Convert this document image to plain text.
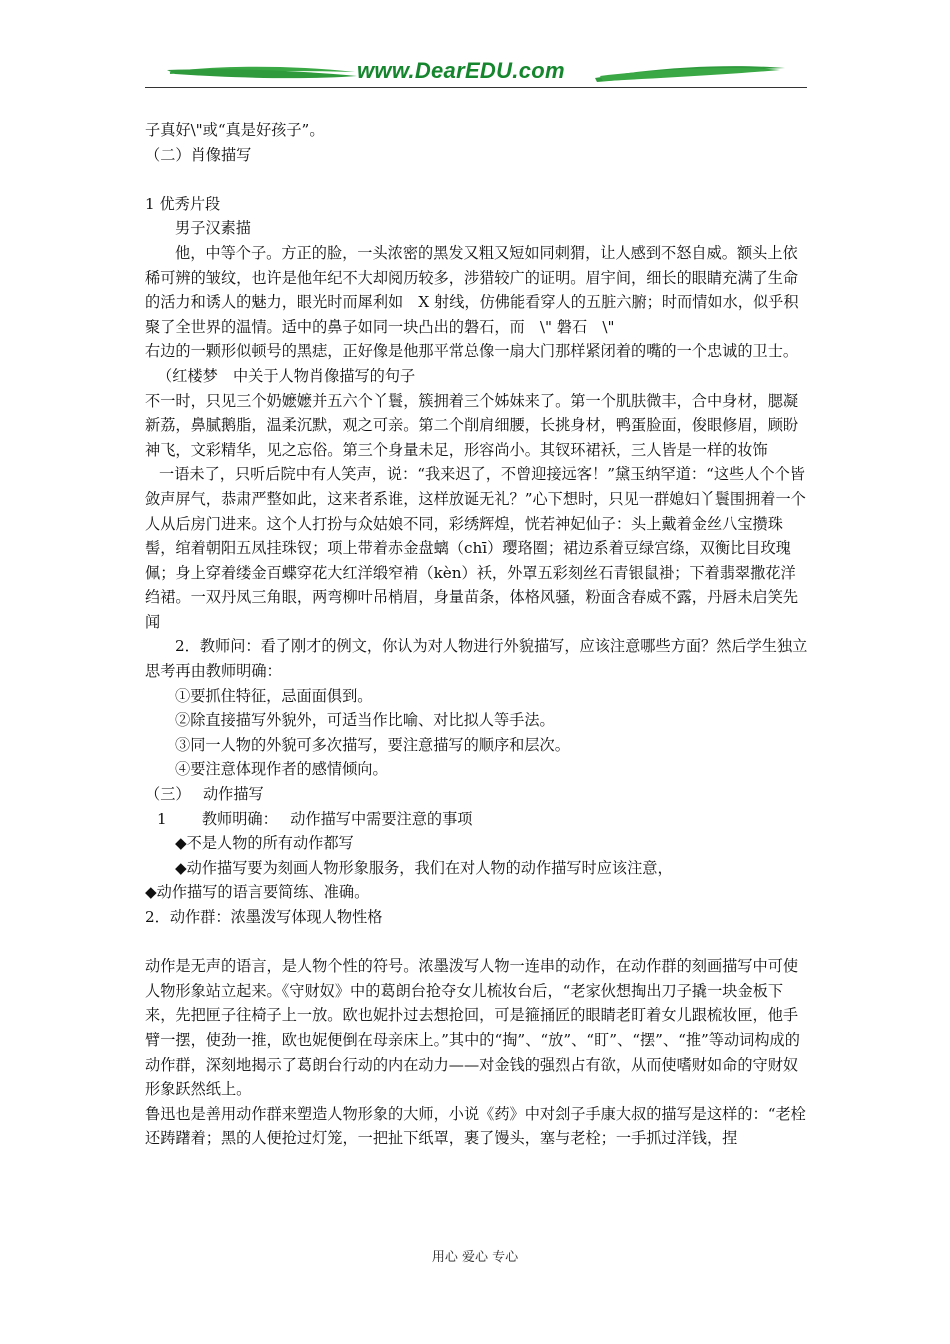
www.DearEDU.com

子真好\"或“真是好孩子”。

（二）肖像描写

1 优秀片段

男子汉素描

他，中等个子。方正的脸，一头浓密的黑发又粗又短如同刺猬，让人感到不怒自威。额头上依稀可辨的皱纹，也许是他年纪不大却阅历较多，涉猎较广的证明。眉宇间，细长的眼睛充满了生命的活力和诱人的魅力，眼光时而犀利如　X 射线，仿佛能看穿人的五脏六腑；时而情如水，似乎积聚了全世界的温情。适中的鼻子如同一块凸出的磐石，而　\" 磐石　\"

右边的一颗形似顿号的黑痣，正好像是他那平常总像一扇大门那样紧闭着的嘴的一个忠诚的卫士。

（红楼梦　中关于人物肖像描写的句子

不一时，只见三个奶嬷嬷并五六个丫鬟，簇拥着三个姊妹来了。第一个肌肤微丰，合中身材，腮凝新荔，鼻腻鹅脂，温柔沉默，观之可亲。第二个削肩细腰，长挑身材，鸭蛋脸面，俊眼修眉，顾盼神飞，文彩精华，见之忘俗。第三个身量未足，形容尚小。其钗环裙袄，三人皆是一样的妆饰

一语未了，只听后院中有人笑声，说：“我来迟了，不曾迎接远客！”黛玉纳罕道：“这些人个个皆敛声屏气，恭肃严整如此，这来者系谁，这样放诞无礼？”心下想时，只见一群媳妇丫鬟围拥着一个人从后房门进来。这个人打扮与众姑娘不同，彩绣辉煌，恍若神妃仙子：头上戴着金丝八宝攒珠髻，绾着朝阳五凤挂珠钗；项上带着赤金盘螭（chī）璎珞圈；裙边系着豆绿宫绦，双衡比目玫瑰佩；身上穿着缕金百蝶穿花大红洋缎窄褃（kèn）袄，外罩五彩刻丝石青银鼠褂；下着翡翠撒花洋绉裙。一双丹凤三角眼，两弯柳叶吊梢眉，身量苗条，体格风骚，粉面含春威不露，丹唇未启笑先闻

2．教师问：看了刚才的例文，你认为对人物进行外貌描写，应该注意哪些方面？然后学生独立思考再由教师明确：

①要抓住特征，忌面面俱到。

②除直接描写外貌外，可适当作比喻、对比拟人等手法。

③同一人物的外貌可多次描写，要注意描写的顺序和层次。

④要注意体现作者的感情倾向。

（三）　 动作描写

1　　 教师明确：　 动作描写中需要注意的事项

◆不是人物的所有动作都写

◆动作描写要为刻画人物形象服务，我们在对人物的动作描写时应该注意，

◆动作描写的语言要简练、准确。

2．动作群：浓墨泼写体现人物性格

动作是无声的语言，是人物个性的符号。浓墨泼写人物一连串的动作，在动作群的刻画描写中可使人物形象站立起来。《守财奴》中的葛朗台抢夺女儿梳妆台后，“老家伙想掏出刀子撬一块金板下来，先把匣子往椅子上一放。欧也妮扑过去想抢回，可是箍捅匠的眼睛老盯着女儿跟梳妆匣，他手臂一摆，使劲一推，欧也妮便倒在母亲床上。”其中的“掏”、“放”、“盯”、“摆”、“推”等动词构成的动作群，深刻地揭示了葛朗台行动的内在动力——对金钱的强烈占有欲，从而使嗜财如命的守财奴形象跃然纸上。

鲁迅也是善用动作群来塑造人物形象的大师，小说《药》中对刽子手康大叔的描写是这样的：“老栓还踌躇着；黑的人便抢过灯笼，一把扯下纸罩，裹了馒头，塞与老栓；一手抓过洋钱，捏

用心 爱心 专心
